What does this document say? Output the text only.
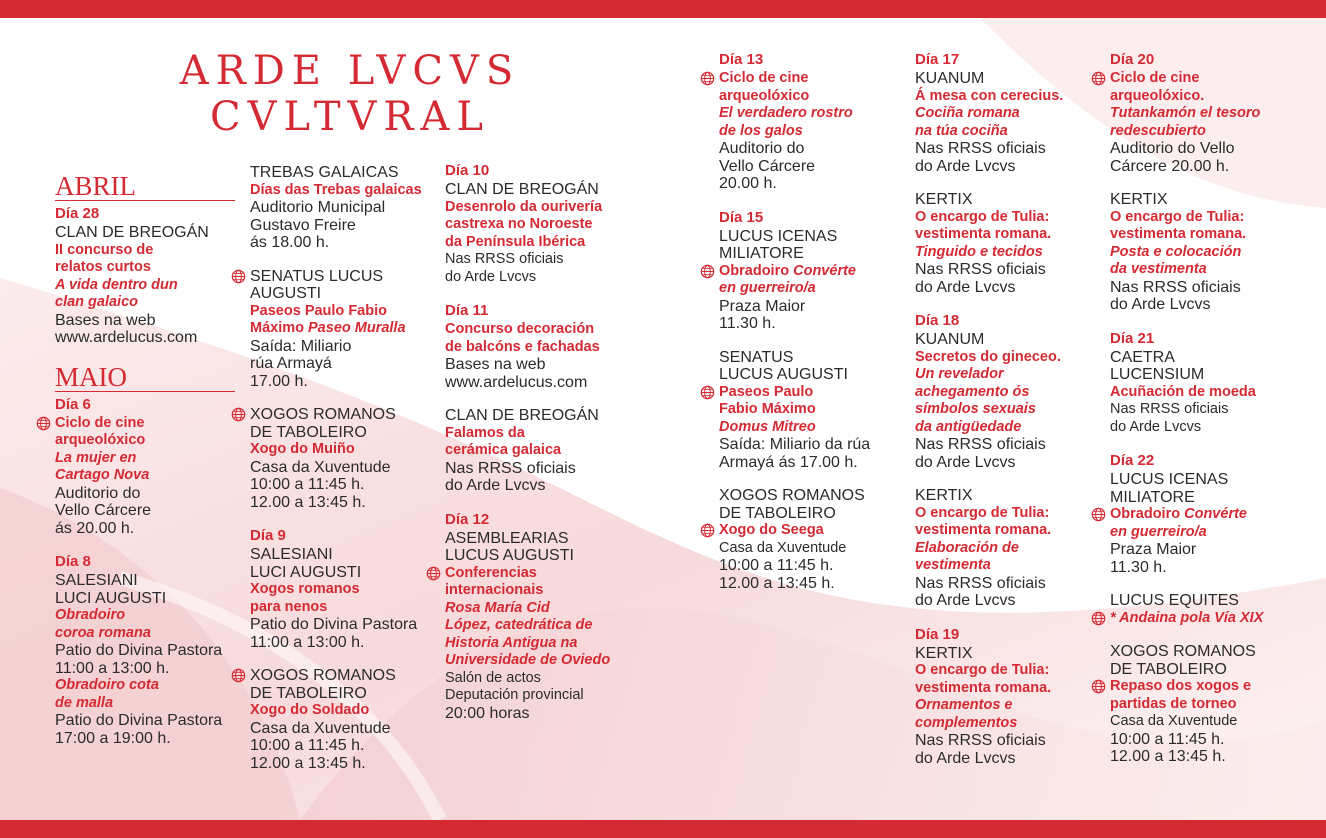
ARDE LVCVS
CVLTVRAL
ABRIL
Día 28
CLAN DE BREOGÁN
II concurso de
relatos curtos
A vida dentro dun
clan galaico
Bases na web
www.ardelucus.com
MAIO
Día 6
Ciclo de cine
arqueolóxico
La mujer en
Cartago Nova
Auditorio do
Vello Cárcere
ás 20.00 h.
Día 8
SALESIANI
LUCI AUGUSTI
Obradoiro
coroa romana
Patio do Divina Pastora
11:00 a 13:00 h.
Obradoiro cota
de malla
Patio do Divina Pastora
17:00 a 19:00 h.
TREBAS GALAICAS
Días das Trebas galaicas
Auditorio Municipal
Gustavo Freire
ás 18.00 h.
SENATUS LUCUS
AUGUSTI
Paseos Paulo Fabio
Máximo Paseo Muralla
Saída: Miliario
rúa Armayá
17.00 h.
XOGOS ROMANOS
DE TABOLEIRO
Xogo do Muiño
Casa da Xuventude
10:00 a 11:45 h.
12.00 a 13:45 h.
Día 9
SALESIANI
LUCI AUGUSTI
Xogos romanos
para nenos
Patio do Divina Pastora
11:00 a 13:00 h.
XOGOS ROMANOS
DE TABOLEIRO
Xogo do Soldado
Casa da Xuventude
10:00 a 11:45 h.
12.00 a 13:45 h.
Día 10
CLAN DE BREOGÁN
Desenrolo da ourivería
castrexa no Noroeste
da Península Ibérica
Nas RRSS oficiais
do Arde Lvcvs
Día 11
Concurso decoración
de balcóns e fachadas
Bases na web
www.ardelucus.com
CLAN DE BREOGÁN
Falamos da
cerámica galaica
Nas RRSS oficiais
do Arde Lvcvs
Día 12
ASEMBLEARIAS
LUCUS AUGUSTI
Conferencias
internacionais
Rosa María Cid
López, catedrática de
Historia Antigua na
Universidade de Oviedo
Salón de actos
Deputación provincial
20:00 horas
Día 13
Ciclo de cine
arqueolóxico
El verdadero rostro
de los galos
Auditorio do
Vello Cárcere
20.00 h.
Día 15
LUCUS ICENAS
MILIATORE
Obradoiro Convérte
en guerreiro/a
Praza Maior
11.30 h.
SENATUS
LUCUS AUGUSTI
Paseos Paulo
Fabio Máximo
Domus Mitreo
Saída: Miliario da rúa
Armayá ás 17.00 h.
XOGOS ROMANOS
DE TABOLEIRO
Xogo do Seega
Casa da Xuventude
10:00 a 11:45 h.
12.00 a 13:45 h.
Día 17
KUANUM
Á mesa con cerecius.
Cociña romana
na túa cociña
Nas RRSS oficiais
do Arde Lvcvs
KERTIX
O encargo de Tulia:
vestimenta romana.
Tinguido e tecidos
Nas RRSS oficiais
do Arde Lvcvs
Día 18
KUANUM
Secretos do gineceo.
Un revelador
achegamento ós
símbolos sexuais
da antigüedade
Nas RRSS oficiais
do Arde Lvcvs
KERTIX
O encargo de Tulia:
vestimenta romana.
Elaboración de
vestimenta
Nas RRSS oficiais
do Arde Lvcvs
Día 19
KERTIX
O encargo de Tulia:
vestimenta romana.
Ornamentos e
complementos
Nas RRSS oficiais
do Arde Lvcvs
Día 20
Ciclo de cine
arqueolóxico.
Tutankamón el tesoro
redescubierto
Auditorio do Vello
Cárcere 20.00 h.
KERTIX
O encargo de Tulia:
vestimenta romana.
Posta e colocación
da vestimenta
Nas RRSS oficiais
do Arde Lvcvs
Día 21
CAETRA
LUCENSIUM
Acuñación de moeda
Nas RRSS oficiais
do Arde Lvcvs
Día 22
LUCUS ICENAS
MILIATORE
Obradoiro Convérte
en guerreiro/a
Praza Maior
11.30 h.
LUCUS EQUITES
* Andaina pola Vía XIX
XOGOS ROMANOS
DE TABOLEIRO
Repaso dos xogos e
partidas de torneo
Casa da Xuventude
10:00 a 11:45 h.
12.00 a 13:45 h.
